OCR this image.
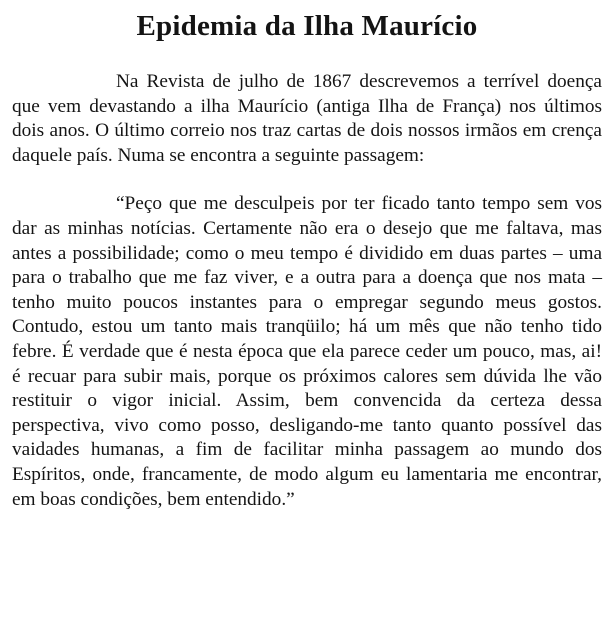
Epidemia da Ilha Maurício

Na Revista de julho de 1867 descrevemos a terrível doença que vem devastando a ilha Maurício (antiga Ilha de França) nos últimos dois anos. O último correio nos traz cartas de dois nossos irmãos em crença daquele país. Numa se encontra a seguinte passagem:

“Peço que me desculpeis por ter ficado tanto tempo sem vos dar as minhas notícias. Certamente não era o desejo que me faltava, mas antes a possibilidade; como o meu tempo é dividido em duas partes – uma para o trabalho que me faz viver, e a outra para a doença que nos mata – tenho muito poucos instantes para o empregar segundo meus gostos. Contudo, estou um tanto mais tranqüilo; há um mês que não tenho tido febre. É verdade que é nesta época que ela parece ceder um pouco, mas, ai! é recuar para subir mais, porque os próximos calores sem dúvida lhe vão restituir o vigor inicial. Assim, bem convencida da certeza dessa perspectiva, vivo como posso, desligando-me tanto quanto possível das vaidades humanas, a fim de facilitar minha passagem ao mundo dos Espíritos, onde, francamente, de modo algum eu lamentaria me encontrar, em boas condições, bem entendido.”
